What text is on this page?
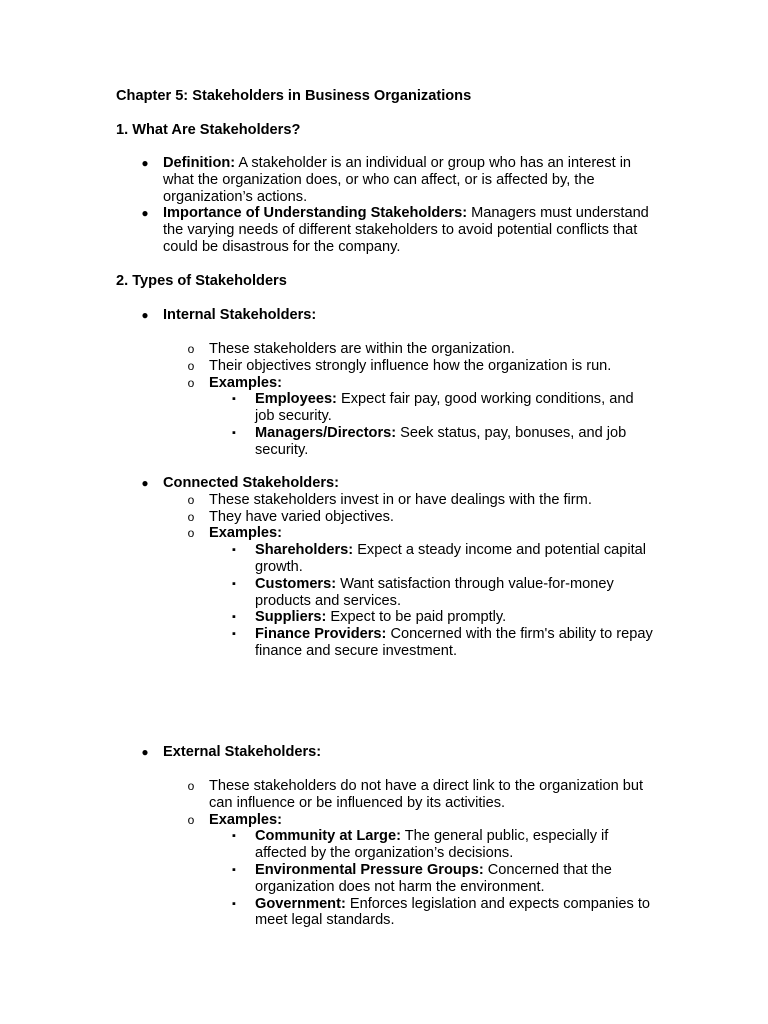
Chapter 5: Stakeholders in Business Organizations
1. What Are Stakeholders?
● Definition: A stakeholder is an individual or group who has an interest in what the organization does, or who can affect, or is affected by, the organization’s actions.
● Importance of Understanding Stakeholders: Managers must understand the varying needs of different stakeholders to avoid potential conflicts that could be disastrous for the company.
2. Types of Stakeholders
● Internal Stakeholders:
o These stakeholders are within the organization.
o Their objectives strongly influence how the organization is run.
o Examples:
▪ Employees: Expect fair pay, good working conditions, and job security.
▪ Managers/Directors: Seek status, pay, bonuses, and job security.
● Connected Stakeholders:
o These stakeholders invest in or have dealings with the firm.
o They have varied objectives.
o Examples:
▪ Shareholders: Expect a steady income and potential capital growth.
▪ Customers: Want satisfaction through value-for-money products and services.
▪ Suppliers: Expect to be paid promptly.
▪ Finance Providers: Concerned with the firm's ability to repay finance and secure investment.
● External Stakeholders:
o These stakeholders do not have a direct link to the organization but can influence or be influenced by its activities.
o Examples:
▪ Community at Large: The general public, especially if affected by the organization’s decisions.
▪ Environmental Pressure Groups: Concerned that the organization does not harm the environment.
▪ Government: Enforces legislation and expects companies to meet legal standards.
